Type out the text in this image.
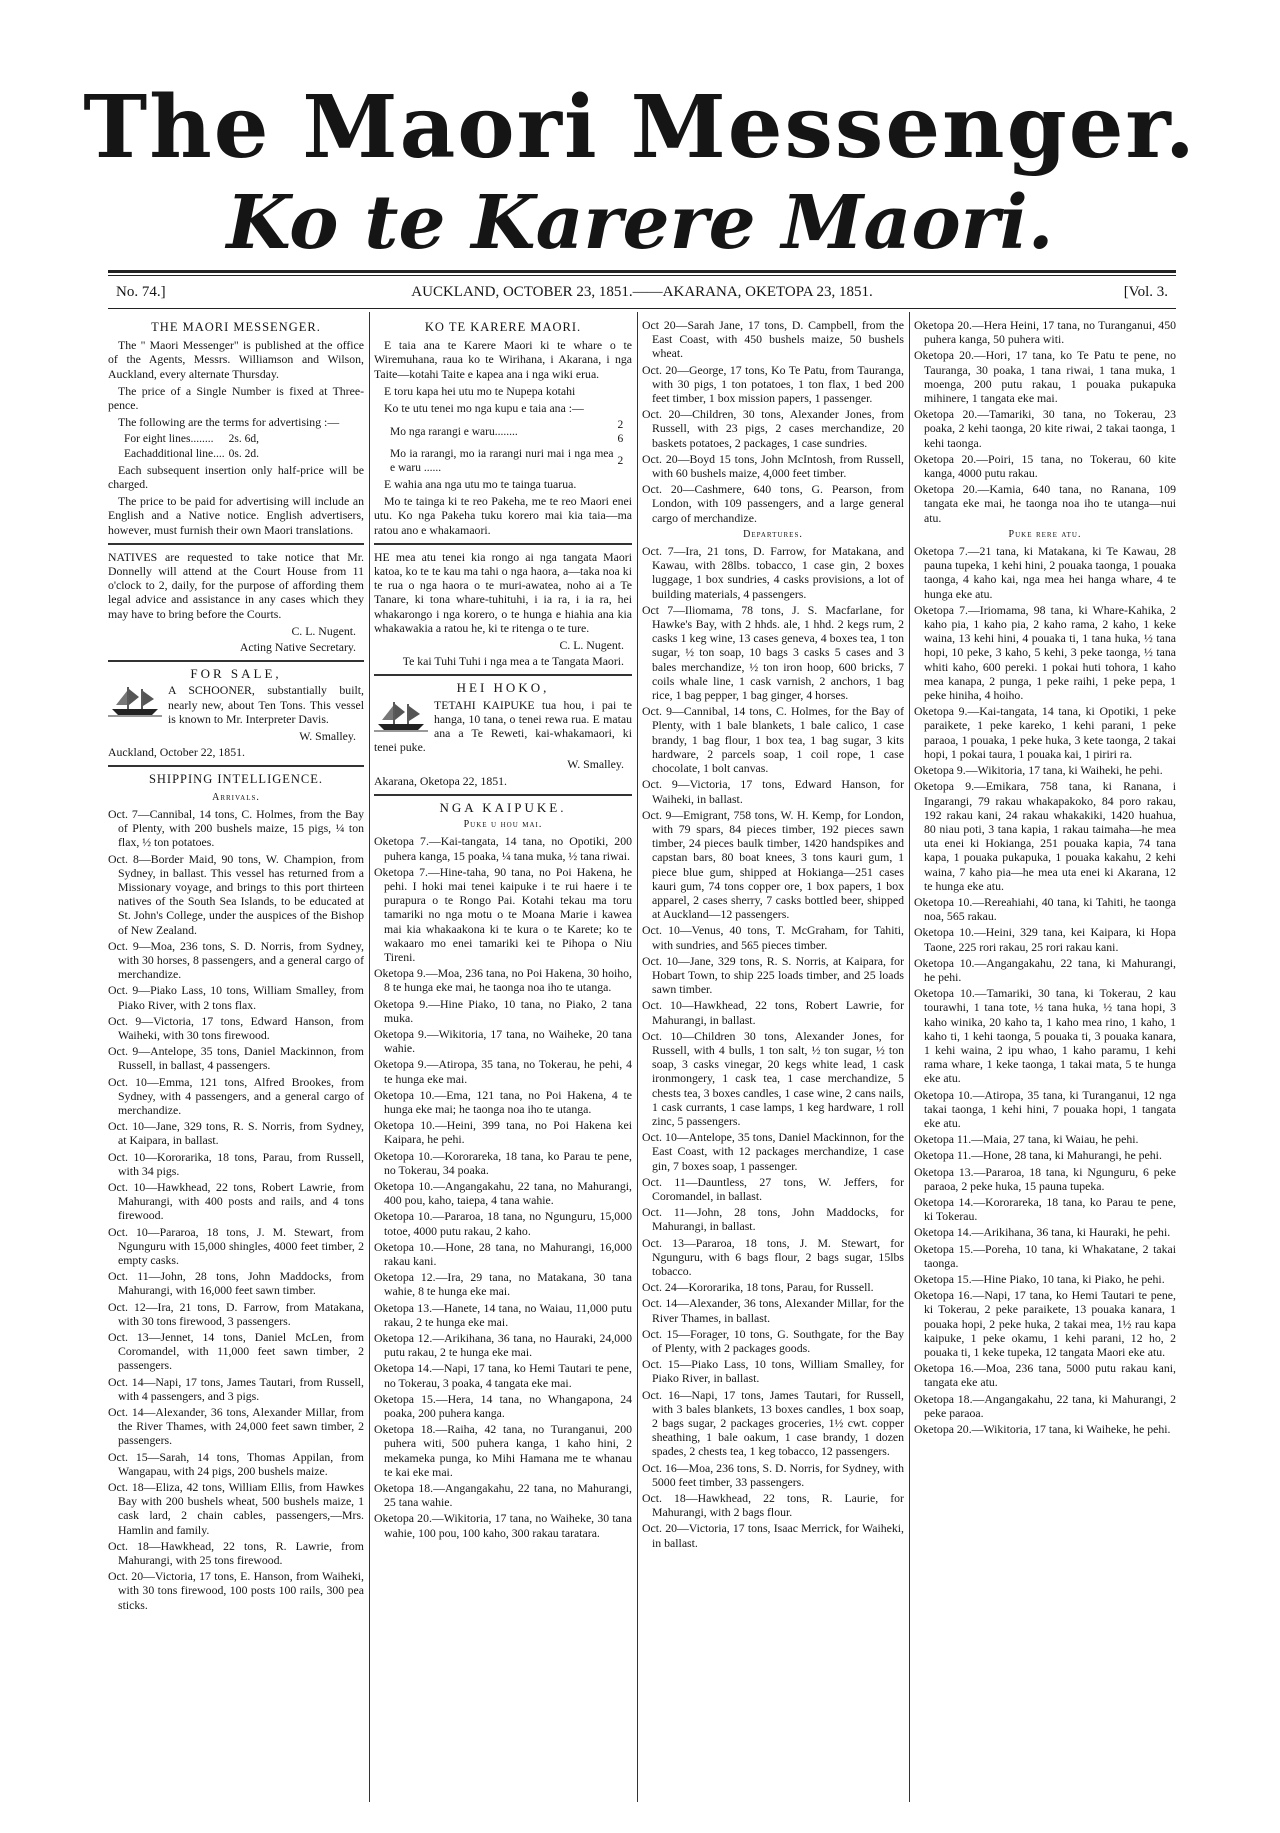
The Maori Messenger.
Ko te Karere Maori.
No. 74.]	AUCKLAND, OCTOBER 23, 1851.——AKARANA, OKETOPA 23, 1851.	[Vol. 3.
THE MAORI MESSENGER.

The " Maori Messenger" is published at the office of the Agents, Messrs. Williamson and Wilson, Auckland, every alternate Thursday.

The price of a Single Number is fixed at Three-pence.

The following are the terms for advertising :—

For eight lines........	2s. 6d,
Eachadditional line....	0s. 2d.

Each subsequent insertion only half-price will be charged.

The price to be paid for advertising will include an English and a Native notice. English advertisers, however, must furnish their own Maori translations.

NATIVES are requested to take notice that Mr. Donnelly will attend at the Court House from 11 o'clock to 2, daily, for the purpose of affording them legal advice and assistance in any cases which they may have to bring before the Courts.

C. L. Nugent.
Acting Native Secretary.
FOR SALE,

A SCHOONER, substantially built, nearly new, about Ten Tons. This vessel is known to Mr. Interpreter Davis.

W. Smalley.

Auckland, October 22, 1851.

SHIPPING INTELLIGENCE.
Arrivals.
Oct. 7—Cannibal, 14 tons, C. Holmes, from the Bay of Plenty, with 200 bushels maize, 15 pigs, ¼ ton flax, ½ ton potatoes.
Oct. 8—Border Maid, 90 tons, W. Champion, from Sydney, in ballast. This vessel has returned from a Missionary voyage, and brings to this port thirteen natives of the South Sea Islands, to be educated at St. John's College, under the auspices of the Bishop of New Zealand.
Oct. 9—Moa, 236 tons, S. D. Norris, from Sydney, with 30 horses, 8 passengers, and a general cargo of merchandize.
Oct. 9—Piako Lass, 10 tons, William Smalley, from Piako River, with 2 tons flax.
Oct. 9—Victoria, 17 tons, Edward Hanson, from Waiheki, with 30 tons firewood.
Oct. 9—Antelope, 35 tons, Daniel Mackinnon, from Russell, in ballast, 4 passengers.
Oct. 10—Emma, 121 tons, Alfred Brookes, from Sydney, with 4 passengers, and a general cargo of merchandize.
Oct. 10—Jane, 329 tons, R. S. Norris, from Sydney, at Kaipara, in ballast.
Oct. 10—Kororarika, 18 tons, Parau, from Russell, with 34 pigs.
Oct. 10—Hawkhead, 22 tons, Robert Lawrie, from Mahurangi, with 400 posts and rails, and 4 tons firewood.
Oct. 10—Pararoa, 18 tons, J. M. Stewart, from Ngunguru with 15,000 shingles, 4000 feet timber, 2 empty casks.
Oct. 11—John, 28 tons, John Maddocks, from Mahurangi, with 16,000 feet sawn timber.
Oct. 12—Ira, 21 tons, D. Farrow, from Matakana, with 30 tons firewood, 3 passengers.
Oct. 13—Jennet, 14 tons, Daniel McLen, from Coromandel, with 11,000 feet sawn timber, 2 passengers.
Oct. 14—Napi, 17 tons, James Tautari, from Russell, with 4 passengers, and 3 pigs.
Oct. 14—Alexander, 36 tons, Alexander Millar, from the River Thames, with 24,000 feet sawn timber, 2 passengers.
Oct. 15—Sarah, 14 tons, Thomas Appilan, from Wangapau, with 24 pigs, 200 bushels maize.
Oct. 18—Eliza, 42 tons, William Ellis, from Hawkes Bay with 200 bushels wheat, 500 bushels maize, 1 cask lard, 2 chain cables, passengers,—Mrs. Hamlin and family.
Oct. 18—Hawkhead, 22 tons, R. Lawrie, from Mahurangi, with 25 tons firewood.
Oct. 20—Victoria, 17 tons, E. Hanson, from Waiheki, with 30 tons firewood, 100 posts 100 rails, 300 pea sticks.
KO TE KARERE MAORI.

E taia ana te Karere Maori ki te whare o te Wiremuhana, raua ko te Wirihana, i Akarana, i nga Taite—kotahi Taite e kapea ana i nga wiki erua.

E toru kapa hei utu mo te Nupepa kotahi

Ko te utu tenei mo nga kupu e taia ana :—

Mo nga rarangi e waru........	2 6
Mo ia rarangi, mo ia rarangi nuri mai i nga mea e waru ......	2

E wahia ana nga utu mo te tainga tuarua.

Mo te tainga ki te reo Pakeha, me te reo Maori enei utu. Ko nga Pakeha tuku korero mai kia taia—ma ratou ano e whakamaori.

HE mea atu tenei kia rongo ai nga tangata Maori katoa, ko te te kau ma tahi o nga haora, a—taka noa ki te rua o nga haora o te muri-awatea, noho ai a Te Tanare, ki tona whare-tuhituhi, i ia ra, i ia ra, hei whakarongo i nga korero, o te hunga e hiahia ana kia whakawakia a ratou he, ki te ritenga o te ture.

C. L. Nugent.
Te kai Tuhi Tuhi i nga mea a te Tangata Maori.
HEI HOKO,

TETAHI KAIPUKE tua hou, i pai te hanga, 10 tana, o tenei rewa rua. E matau ana a Te Reweti, kai-whakamaori, ki tenei puke.

W. Smalley.

Akarana, Oketopa 22, 1851.

NGA KAIPUKE.
Puke u hou mai.
Oketopa 7.—Kai-tangata, 14 tana, no Opotiki, 200 puhera kanga, 15 poaka, ¼ tana muka, ½ tana riwai.
Oketopa 7.—Hine-taha, 90 tana, no Poi Hakena, he pehi. I hoki mai tenei kaipuke i te rui haere i te purapura o te Rongo Pai. Kotahi tekau ma toru tamariki no nga motu o te Moana Marie i kawea mai kia whakaakona ki te kura o te Karete; ko te wakaaro mo enei tamariki kei te Pihopa o Niu Tireni.
Oketopa 9.—Moa, 236 tana, no Poi Hakena, 30 hoiho, 8 te hunga eke mai, he taonga noa iho te utanga.
Oketopa 9.—Hine Piako, 10 tana, no Piako, 2 tana muka.
Oketopa 9.—Wikitoria, 17 tana, no Waiheke, 20 tana wahie.
Oketopa 9.—Atiropa, 35 tana, no Tokerau, he pehi, 4 te hunga eke mai.
Oketopa 10.—Ema, 121 tana, no Poi Hakena, 4 te hunga eke mai; he taonga noa iho te utanga.
Oketopa 10.—Heini, 399 tana, no Poi Hakena kei Kaipara, he pehi.
Oketopa 10.—Kororareka, 18 tana, ko Parau te pene, no Tokerau, 34 poaka.
Oketopa 10.—Angangakahu, 22 tana, no Mahurangi, 400 pou, kaho, taiepa, 4 tana wahie.
Oketopa 10.—Pararoa, 18 tana, no Ngunguru, 15,000 totoe, 4000 putu rakau, 2 kaho.
Oketopa 10.—Hone, 28 tana, no Mahurangi, 16,000 rakau kani.
Oketopa 12.—Ira, 29 tana, no Matakana, 30 tana wahie, 8 te hunga eke mai.
Oketopa 13.—Hanete, 14 tana, no Waiau, 11,000 putu rakau, 2 te hunga eke mai.
Oketopa 12.—Arikihana, 36 tana, no Hauraki, 24,000 putu rakau, 2 te hunga eke mai.
Oketopa 14.—Napi, 17 tana, ko Hemi Tautari te pene, no Tokerau, 3 poaka, 4 tangata eke mai.
Oketopa 15.—Hera, 14 tana, no Whangapona, 24 poaka, 200 puhera kanga.
Oketopa 18.—Raiha, 42 tana, no Turanganui, 200 puhera witi, 500 puhera kanga, 1 kaho hini, 2 mekameka punga, ko Mihi Hamana me te whanau te kai eke mai.
Oketopa 18.—Angangakahu, 22 tana, no Mahurangi, 25 tana wahie.
Oketopa 20.—Wikitoria, 17 tana, no Waiheke, 30 tana wahie, 100 pou, 100 kaho, 300 rakau taratara.
Oct 20—Sarah Jane, 17 tons, D. Campbell, from the East Coast, with 450 bushels maize, 50 bushels wheat.
Oct. 20—George, 17 tons, Ko Te Patu, from Tauranga, with 30 pigs, 1 ton potatoes, 1 ton flax, 1 bed 200 feet timber, 1 box mission papers, 1 passenger.
Oct. 20—Children, 30 tons, Alexander Jones, from Russell, with 23 pigs, 2 cases merchandize, 20 baskets potatoes, 2 packages, 1 case sundries.
Oct. 20—Boyd 15 tons, John McIntosh, from Russell, with 60 bushels maize, 4,000 feet timber.
Oct. 20—Cashmere, 640 tons, G. Pearson, from London, with 109 passengers, and a large general cargo of merchandize.
Departures.
Oct. 7—Ira, 21 tons, D. Farrow, for Matakana, and Kawau, with 28lbs. tobacco, 1 case gin, 2 boxes luggage, 1 box sundries, 4 casks provisions, a lot of building materials, 4 passengers.
Oct 7—Iliomama, 78 tons, J. S. Macfarlane, for Hawke's Bay, with 2 hhds. ale, 1 hhd. 2 kegs rum, 2 casks 1 keg wine, 13 cases geneva, 4 boxes tea, 1 ton sugar, ½ ton soap, 10 bags 3 casks 5 cases and 3 bales merchandize, ½ ton iron hoop, 600 bricks, 7 coils whale line, 1 cask varnish, 2 anchors, 1 bag rice, 1 bag pepper, 1 bag ginger, 4 horses.
Oct. 9—Cannibal, 14 tons, C. Holmes, for the Bay of Plenty, with 1 bale blankets, 1 bale calico, 1 case brandy, 1 bag flour, 1 box tea, 1 bag sugar, 3 kits hardware, 2 parcels soap, 1 coil rope, 1 case chocolate, 1 bolt canvas.
Oct. 9—Victoria, 17 tons, Edward Hanson, for Waiheki, in ballast.
Oct. 9—Emigrant, 758 tons, W. H. Kemp, for London, with 79 spars, 84 pieces timber, 192 pieces sawn timber, 24 pieces baulk timber, 1420 handspikes and capstan bars, 80 boat knees, 3 tons kauri gum, 1 piece blue gum, shipped at Hokianga—251 cases kauri gum, 74 tons copper ore, 1 box papers, 1 box apparel, 2 cases sherry, 7 casks bottled beer, shipped at Auckland—12 passengers.
Oct. 10—Venus, 40 tons, T. McGraham, for Tahiti, with sundries, and 565 pieces timber.
Oct. 10—Jane, 329 tons, R. S. Norris, at Kaipara, for Hobart Town, to ship 225 loads timber, and 25 loads sawn timber.
Oct. 10—Hawkhead, 22 tons, Robert Lawrie, for Mahurangi, in ballast.
Oct. 10—Children 30 tons, Alexander Jones, for Russell, with 4 bulls, 1 ton salt, ½ ton sugar, ½ ton soap, 3 casks vinegar, 20 kegs white lead, 1 cask ironmongery, 1 cask tea, 1 case merchandize, 5 chests tea, 3 boxes candles, 1 case wine, 2 cans nails, 1 cask currants, 1 case lamps, 1 keg hardware, 1 roll zinc, 5 passengers.
Oct. 10—Antelope, 35 tons, Daniel Mackinnon, for the East Coast, with 12 packages merchandize, 1 case gin, 7 boxes soap, 1 passenger.
Oct. 11—Dauntless, 27 tons, W. Jeffers, for Coromandel, in ballast.
Oct. 11—John, 28 tons, John Maddocks, for Mahurangi, in ballast.
Oct. 13—Pararoa, 18 tons, J. M. Stewart, for Ngunguru, with 6 bags flour, 2 bags sugar, 15lbs tobacco.
Oct. 24—Kororarika, 18 tons, Parau, for Russell.
Oct. 14—Alexander, 36 tons, Alexander Millar, for the River Thames, in ballast.
Oct. 15—Forager, 10 tons, G. Southgate, for the Bay of Plenty, with 2 packages goods.
Oct. 15—Piako Lass, 10 tons, William Smalley, for Piako River, in ballast.
Oct. 16—Napi, 17 tons, James Tautari, for Russell, with 3 bales blankets, 13 boxes candles, 1 box soap, 2 bags sugar, 2 packages groceries, 1½ cwt. copper sheathing, 1 bale oakum, 1 case brandy, 1 dozen spades, 2 chests tea, 1 keg tobacco, 12 passengers.
Oct. 16—Moa, 236 tons, S. D. Norris, for Sydney, with 5000 feet timber, 33 passengers.
Oct. 18—Hawkhead, 22 tons, R. Laurie, for Mahurangi, with 2 bags flour.
Oct. 20—Victoria, 17 tons, Isaac Merrick, for Waiheki, in ballast.
Oketopa 20.—Hera Heini, 17 tana, no Turanganui, 450 puhera kanga, 50 puhera witi.
Oketopa 20.—Hori, 17 tana, ko Te Patu te pene, no Tauranga, 30 poaka, 1 tana riwai, 1 tana muka, 1 moenga, 200 putu rakau, 1 pouaka pukapuka mihinere, 1 tangata eke mai.
Oketopa 20.—Tamariki, 30 tana, no Tokerau, 23 poaka, 2 kehi taonga, 20 kite riwai, 2 takai taonga, 1 kehi taonga.
Oketopa 20.—Poiri, 15 tana, no Tokerau, 60 kite kanga, 4000 putu rakau.
Oketopa 20.—Kamia, 640 tana, no Ranana, 109 tangata eke mai, he taonga noa iho te utanga—nui atu.
Puke rere atu.
Oketopa 7.—21 tana, ki Matakana, ki Te Kawau, 28 pauna tupeka, 1 kehi hini, 2 pouaka taonga, 1 pouaka taonga, 4 kaho kai, nga mea hei hanga whare, 4 te hunga eke atu.
Oketopa 7.—Iriomama, 98 tana, ki Whare-Kahika, 2 kaho pia, 1 kaho pia, 2 kaho rama, 2 kaho, 1 keke waina, 13 kehi hini, 4 pouaka ti, 1 tana huka, ½ tana hopi, 10 peke, 3 kaho, 5 kehi, 3 peke taonga, ½ tana whiti kaho, 600 pereki. 1 pokai huti tohora, 1 kaho mea kanapa, 2 punga, 1 peke raihi, 1 peke pepa, 1 peke hiniha, 4 hoiho.
Oketopa 9.—Kai-tangata, 14 tana, ki Opotiki, 1 peke paraikete, 1 peke kareko, 1 kehi parani, 1 peke paraoa, 1 pouaka, 1 peke huka, 3 kete taonga, 2 takai hopi, 1 pokai taura, 1 pouaka kai, 1 piriri ra.
Oketopa 9.—Wikitoria, 17 tana, ki Waiheki, he pehi.
Oketopa 9.—Emikara, 758 tana, ki Ranana, i Ingarangi, 79 rakau whakapakoko, 84 poro rakau, 192 rakau kani, 24 rakau whakakiki, 1420 huahua, 80 niau poti, 3 tana kapia, 1 rakau taimaha—he mea uta enei ki Hokianga, 251 pouaka kapia, 74 tana kapa, 1 pouaka pukapuka, 1 pouaka kakahu, 2 kehi waina, 7 kaho pia—he mea uta enei ki Akarana, 12 te hunga eke atu.
Oketopa 10.—Rereahiahi, 40 tana, ki Tahiti, he taonga noa, 565 rakau.
Oketopa 10.—Heini, 329 tana, kei Kaipara, ki Hopa Taone, 225 rori rakau, 25 rori rakau kani.
Oketopa 10.—Angangakahu, 22 tana, ki Mahurangi, he pehi.
Oketopa 10.—Tamariki, 30 tana, ki Tokerau, 2 kau tourawhi, 1 tana tote, ½ tana huka, ½ tana hopi, 3 kaho winika, 20 kaho ta, 1 kaho mea rino, 1 kaho, 1 kaho ti, 1 kehi taonga, 5 pouaka ti, 3 pouaka kanara, 1 kehi waina, 2 ipu whao, 1 kaho paramu, 1 kehi rama whare, 1 keke taonga, 1 takai mata, 5 te hunga eke atu.
Oketopa 10.—Atiropa, 35 tana, ki Turanganui, 12 nga takai taonga, 1 kehi hini, 7 pouaka hopi, 1 tangata eke atu.
Oketopa 11.—Maia, 27 tana, ki Waiau, he pehi.
Oketopa 11.—Hone, 28 tana, ki Mahurangi, he pehi.
Oketopa 13.—Pararoa, 18 tana, ki Ngunguru, 6 peke paraoa, 2 peke huka, 15 pauna tupeka.
Oketopa 14.—Kororareka, 18 tana, ko Parau te pene, ki Tokerau.
Oketopa 14.—Arikihana, 36 tana, ki Hauraki, he pehi.
Oketopa 15.—Poreha, 10 tana, ki Whakatane, 2 takai taonga.
Oketopa 15.—Hine Piako, 10 tana, ki Piako, he pehi.
Oketopa 16.—Napi, 17 tana, ko Hemi Tautari te pene, ki Tokerau, 2 peke paraikete, 13 pouaka kanara, 1 pouaka hopi, 2 peke huka, 2 takai mea, 1½ rau kapa kaipuke, 1 peke okamu, 1 kehi parani, 12 ho, 2 pouaka ti, 1 keke tupeka, 12 tangata Maori eke atu.
Oketopa 16.—Moa, 236 tana, 5000 putu rakau kani, tangata eke atu.
Oketopa 18.—Angangakahu, 22 tana, ki Mahurangi, 2 peke paraoa.
Oketopa 20.—Wikitoria, 17 tana, ki Waiheke, he pehi.
